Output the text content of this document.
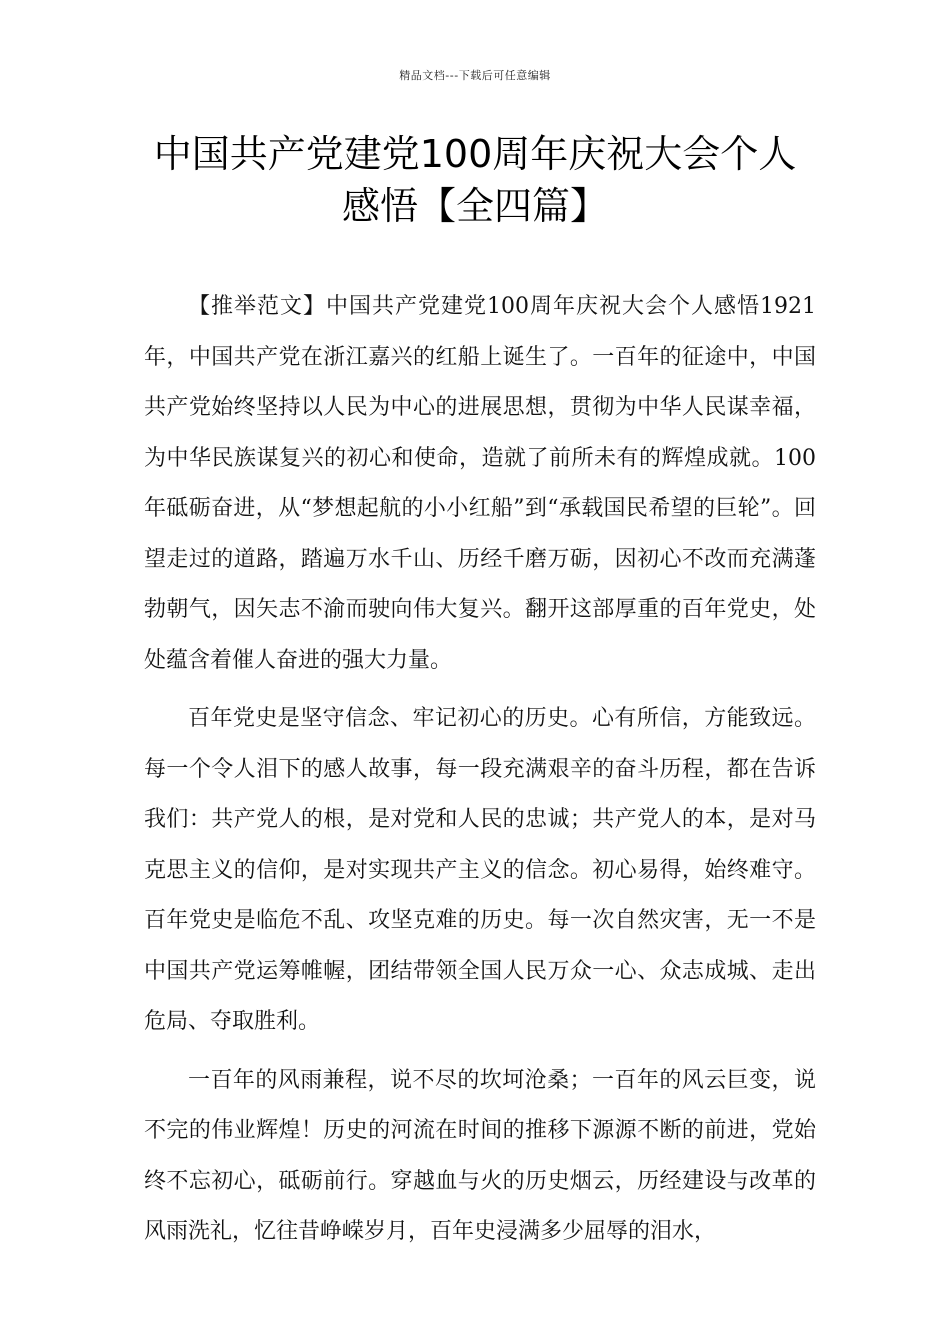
精品文档---下载后可任意编辑
中国共产党建党100周年庆祝大会个人
感悟【全四篇】

【推举范文】中国共产党建党100周年庆祝大会个人感悟1921年，中国共产党在浙江嘉兴的红船上诞生了。一百年的征途中，中国共产党始终坚持以人民为中心的进展思想，贯彻为中华人民谋幸福，为中华民族谋复兴的初心和使命，造就了前所未有的辉煌成就。100年砥砺奋进，从“梦想起航的小小红船”到“承载国民希望的巨轮”。回望走过的道路，踏遍万水千山、历经千磨万砺，因初心不改而充满蓬勃朝气，因矢志不渝而驶向伟大复兴。翻开这部厚重的百年党史，处处蕴含着催人奋进的强大力量。

百年党史是坚守信念、牢记初心的历史。心有所信，方能致远。每一个令人泪下的感人故事，每一段充满艰辛的奋斗历程，都在告诉我们：共产党人的根，是对党和人民的忠诚；共产党人的本，是对马克思主义的信仰，是对实现共产主义的信念。初心易得，始终难守。百年党史是临危不乱、攻坚克难的历史。每一次自然灾害，无一不是中国共产党运筹帷幄，团结带领全国人民万众一心、众志成城、走出危局、夺取胜利。

一百年的风雨兼程，说不尽的坎坷沧桑；一百年的风云巨变，说不完的伟业辉煌！历史的河流在时间的推移下源源不断的前进，党始终不忘初心，砥砺前行。穿越血与火的历史烟云，历经建设与改革的风雨洗礼，忆往昔峥嵘岁月，百年史浸满多少屈辱的泪水，
